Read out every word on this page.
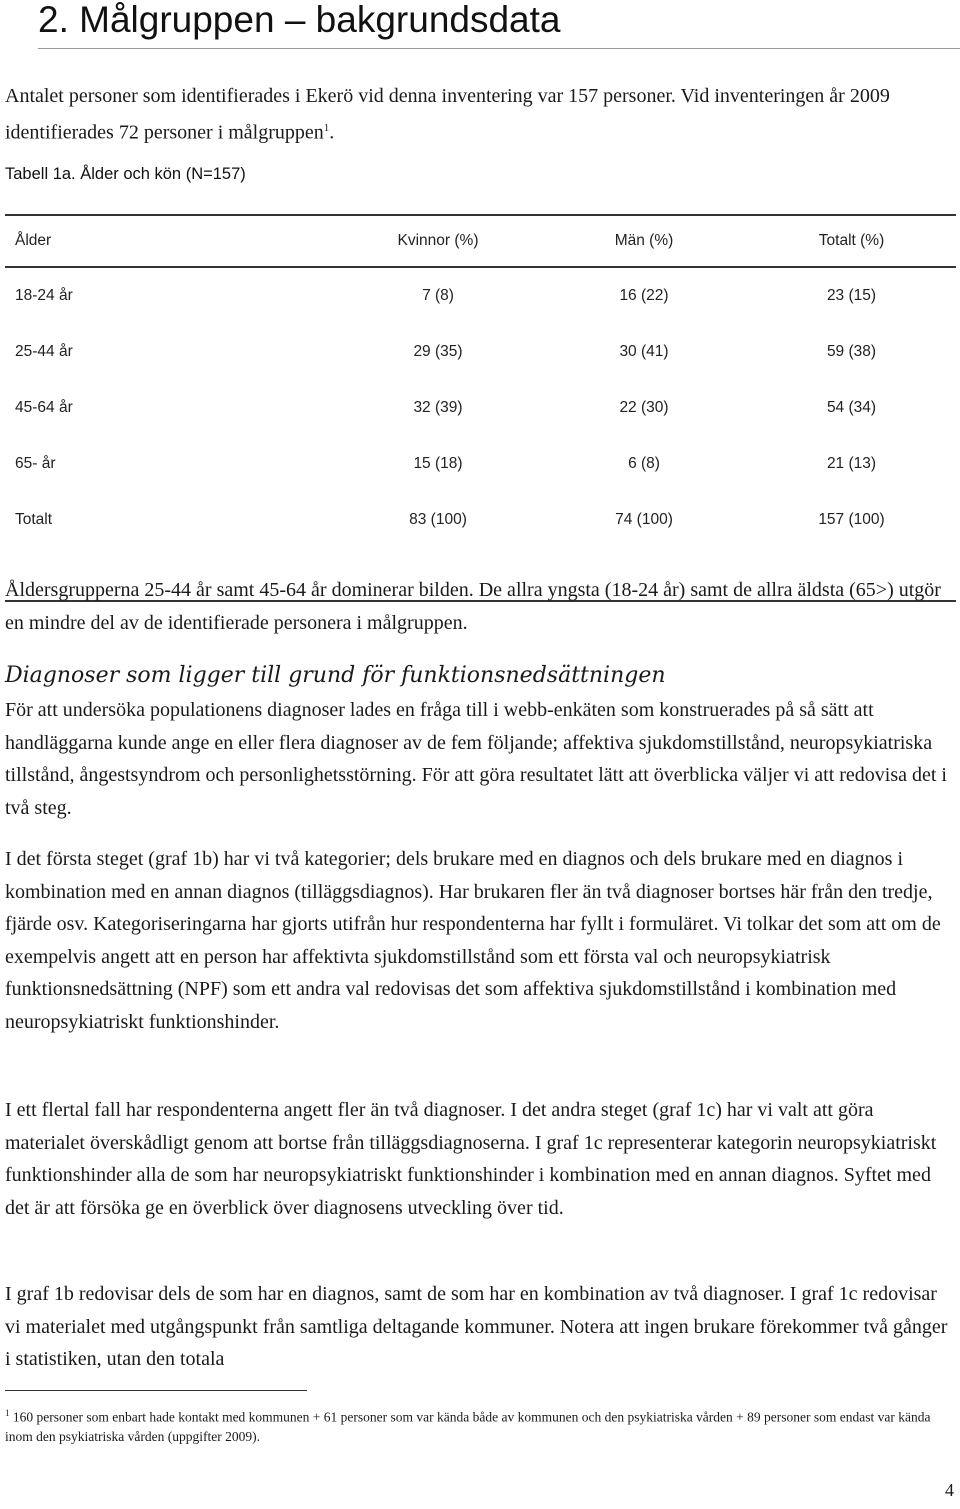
2. Målgruppen – bakgrundsdata

Antalet personer som identifierades i Ekerö vid denna inventering var 157 personer. Vid inventeringen år 2009 identifierades 72 personer i målgruppen$^1$.

Tabell 1a. Ålder och kön (N=157)
Ålder	Kvinnor (%)	Män (%)	Totalt (%)
18-24 år	7 (8)	16 (22)	23 (15)
25-44 år	29 (35)	30 (41)	59 (38)
45-64 år	32 (39)	22 (30)	54 (34)
65- år	15 (18)	6 (8)	21 (13)
Totalt	83 (100)	74 (100)	157 (100)

Åldersgrupperna 25-44 år samt 45-64 år dominerar bilden. De allra yngsta (18-24 år) samt de allra äldsta (65>) utgör en mindre del av de identifierade personera i målgruppen.

Diagnoser som ligger till grund för funktionsnedsättningen

För att undersöka populationens diagnoser lades en fråga till i webb-enkäten som konstruerades på så sätt att handläggarna kunde ange en eller flera diagnoser av de fem följande; affektiva sjukdomstillstånd, neuropsykiatriska tillstånd, ångestsyndrom och personlighetsstörning. För att göra resultatet lätt att överblicka väljer vi att redovisa det i två steg.

I det första steget (graf 1b) har vi två kategorier; dels brukare med en diagnos och dels brukare med en diagnos i kombination med en annan diagnos (tilläggsdiagnos). Har brukaren fler än två diagnoser bortses här från den tredje, fjärde osv. Kategoriseringarna har gjorts utifrån hur respondenterna har fyllt i formuläret. Vi tolkar det som att om de exempelvis angett att en person har affektivta sjukdomstillstånd som ett första val och neuropsykiatrisk funktionsnedsättning (NPF) som ett andra val redovisas det som affektiva sjukdomstillstånd i kombination med neuropsykiatriskt funktionshinder.

I ett flertal fall har respondenterna angett fler än två diagnoser. I det andra steget (graf 1c) har vi valt att göra materialet överskådligt genom att bortse från tilläggsdiagnoserna. I graf 1c representerar kategorin neuropsykiatriskt funktionshinder alla de som har neuropsykiatriskt funktionshinder i kombination med en annan diagnos. Syftet med det är att försöka ge en överblick över diagnosens utveckling över tid.

I graf 1b redovisar dels de som har en diagnos, samt de som har en kombination av två diagnoser. I graf 1c redovisar vi materialet med utgångspunkt från samtliga deltagande kommuner. Notera att ingen brukare förekommer två gånger i statistiken, utan den totala

$^1$ 160 personer som enbart hade kontakt med kommunen + 61 personer som var kända både av kommunen och den psykiatriska vården + 89 personer som endast var kända inom den psykiatriska vården (uppgifter 2009).

4
